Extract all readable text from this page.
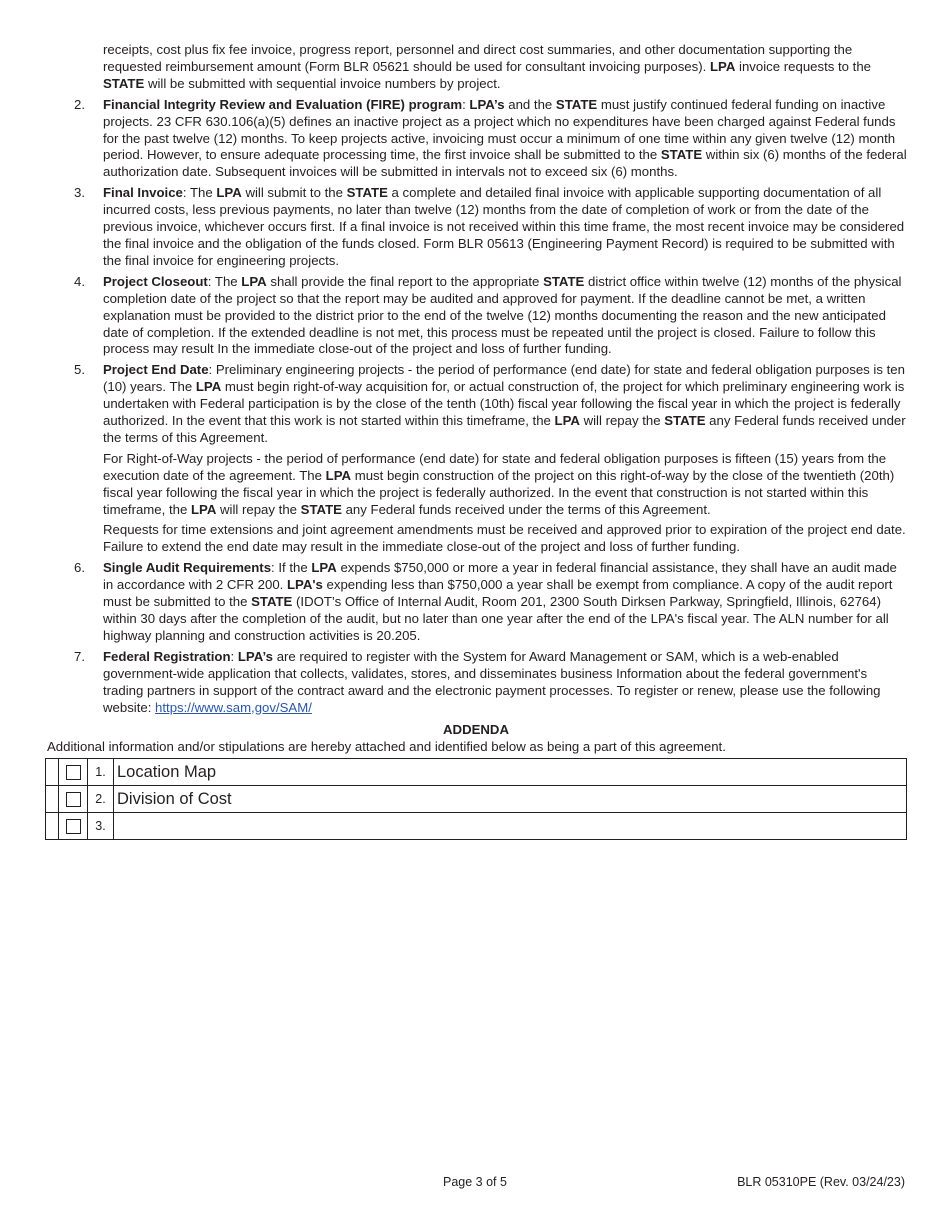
receipts, cost plus fix fee invoice, progress report, personnel and direct cost summaries, and other documentation supporting the requested reimbursement amount (Form BLR 05621 should be used for consultant invoicing purposes). LPA invoice requests to the STATE will be submitted with sequential invoice numbers by project.

2. Financial Integrity Review and Evaluation (FIRE) program: LPA’s and the STATE must justify continued federal funding on inactive projects. 23 CFR 630.106(a)(5) defines an inactive project as a project which no expenditures have been charged against Federal funds for the past twelve (12) months. To keep projects active, invoicing must occur a minimum of one time within any given twelve (12) month period. However, to ensure adequate processing time, the first invoice shall be submitted to the STATE within six (6) months of the federal authorization date. Subsequent invoices will be submitted in intervals not to exceed six (6) months.
3. Final Invoice: The LPA will submit to the STATE a complete and detailed final invoice with applicable supporting documentation of all incurred costs, less previous payments, no later than twelve (12) months from the date of completion of work or from the date of the previous invoice, whichever occurs first. If a final invoice is not received within this time frame, the most recent invoice may be considered the final invoice and the obligation of the funds closed. Form BLR 05613 (Engineering Payment Record) is required to be submitted with the final invoice for engineering projects.
4. Project Closeout: The LPA shall provide the final report to the appropriate STATE district office within twelve (12) months of the physical completion date of the project so that the report may be audited and approved for payment. If the deadline cannot be met, a written explanation must be provided to the district prior to the end of the twelve (12) months documenting the reason and the new anticipated date of completion. If the extended deadline is not met, this process must be repeated until the project is closed. Failure to follow this process may result In the immediate close-out of the project and loss of further funding.
5. Project End Date: Preliminary engineering projects - the period of performance (end date) for state and federal obligation purposes is ten (10) years. The LPA must begin right-of-way acquisition for, or actual construction of, the project for which preliminary engineering work is undertaken with Federal participation is by the close of the tenth (10th) fiscal year following the fiscal year in which the project is federally authorized. In the event that this work is not started within this timeframe, the LPA will repay the STATE any Federal funds received under the terms of this Agreement.

For Right-of-Way projects - the period of performance (end date) for state and federal obligation purposes is fifteen (15) years from the execution date of the agreement. The LPA must begin construction of the project on this right-of-way by the close of the twentieth (20th) fiscal year following the fiscal year in which the project is federally authorized. In the event that construction is not started within this timeframe, the LPA will repay the STATE any Federal funds received under the terms of this Agreement.

Requests for time extensions and joint agreement amendments must be received and approved prior to expiration of the project end date. Failure to extend the end date may result in the immediate close-out of the project and loss of further funding.

6. Single Audit Requirements: If the LPA expends $750,000 or more a year in federal financial assistance, they shall have an audit made in accordance with 2 CFR 200. LPA's expending less than $750,000 a year shall be exempt from compliance. A copy of the audit report must be submitted to the STATE (IDOT’s Office of Internal Audit, Room 201, 2300 South Dirksen Parkway, Springfield, Illinois, 62764) within 30 days after the completion of the audit, but no later than one year after the end of the LPA's fiscal year. The ALN number for all highway planning and construction activities is 20.205.
7. Federal Registration: LPA’s are required to register with the System for Award Management or SAM, which is a web-enabled government-wide application that collects, validates, stores, and disseminates business Information about the federal government's trading partners in support of the contract award and the electronic payment processes. To register or renew, please use the following website: https://www.sam,gov/SAM/
ADDENDA
Additional information and/or stipulations are hereby attached and identified below as being a part of this agreement.
		1.	Location Map
		2.	Division of Cost
		3.	
Page 3 of 5	BLR 05310PE (Rev. 03/24/23)
